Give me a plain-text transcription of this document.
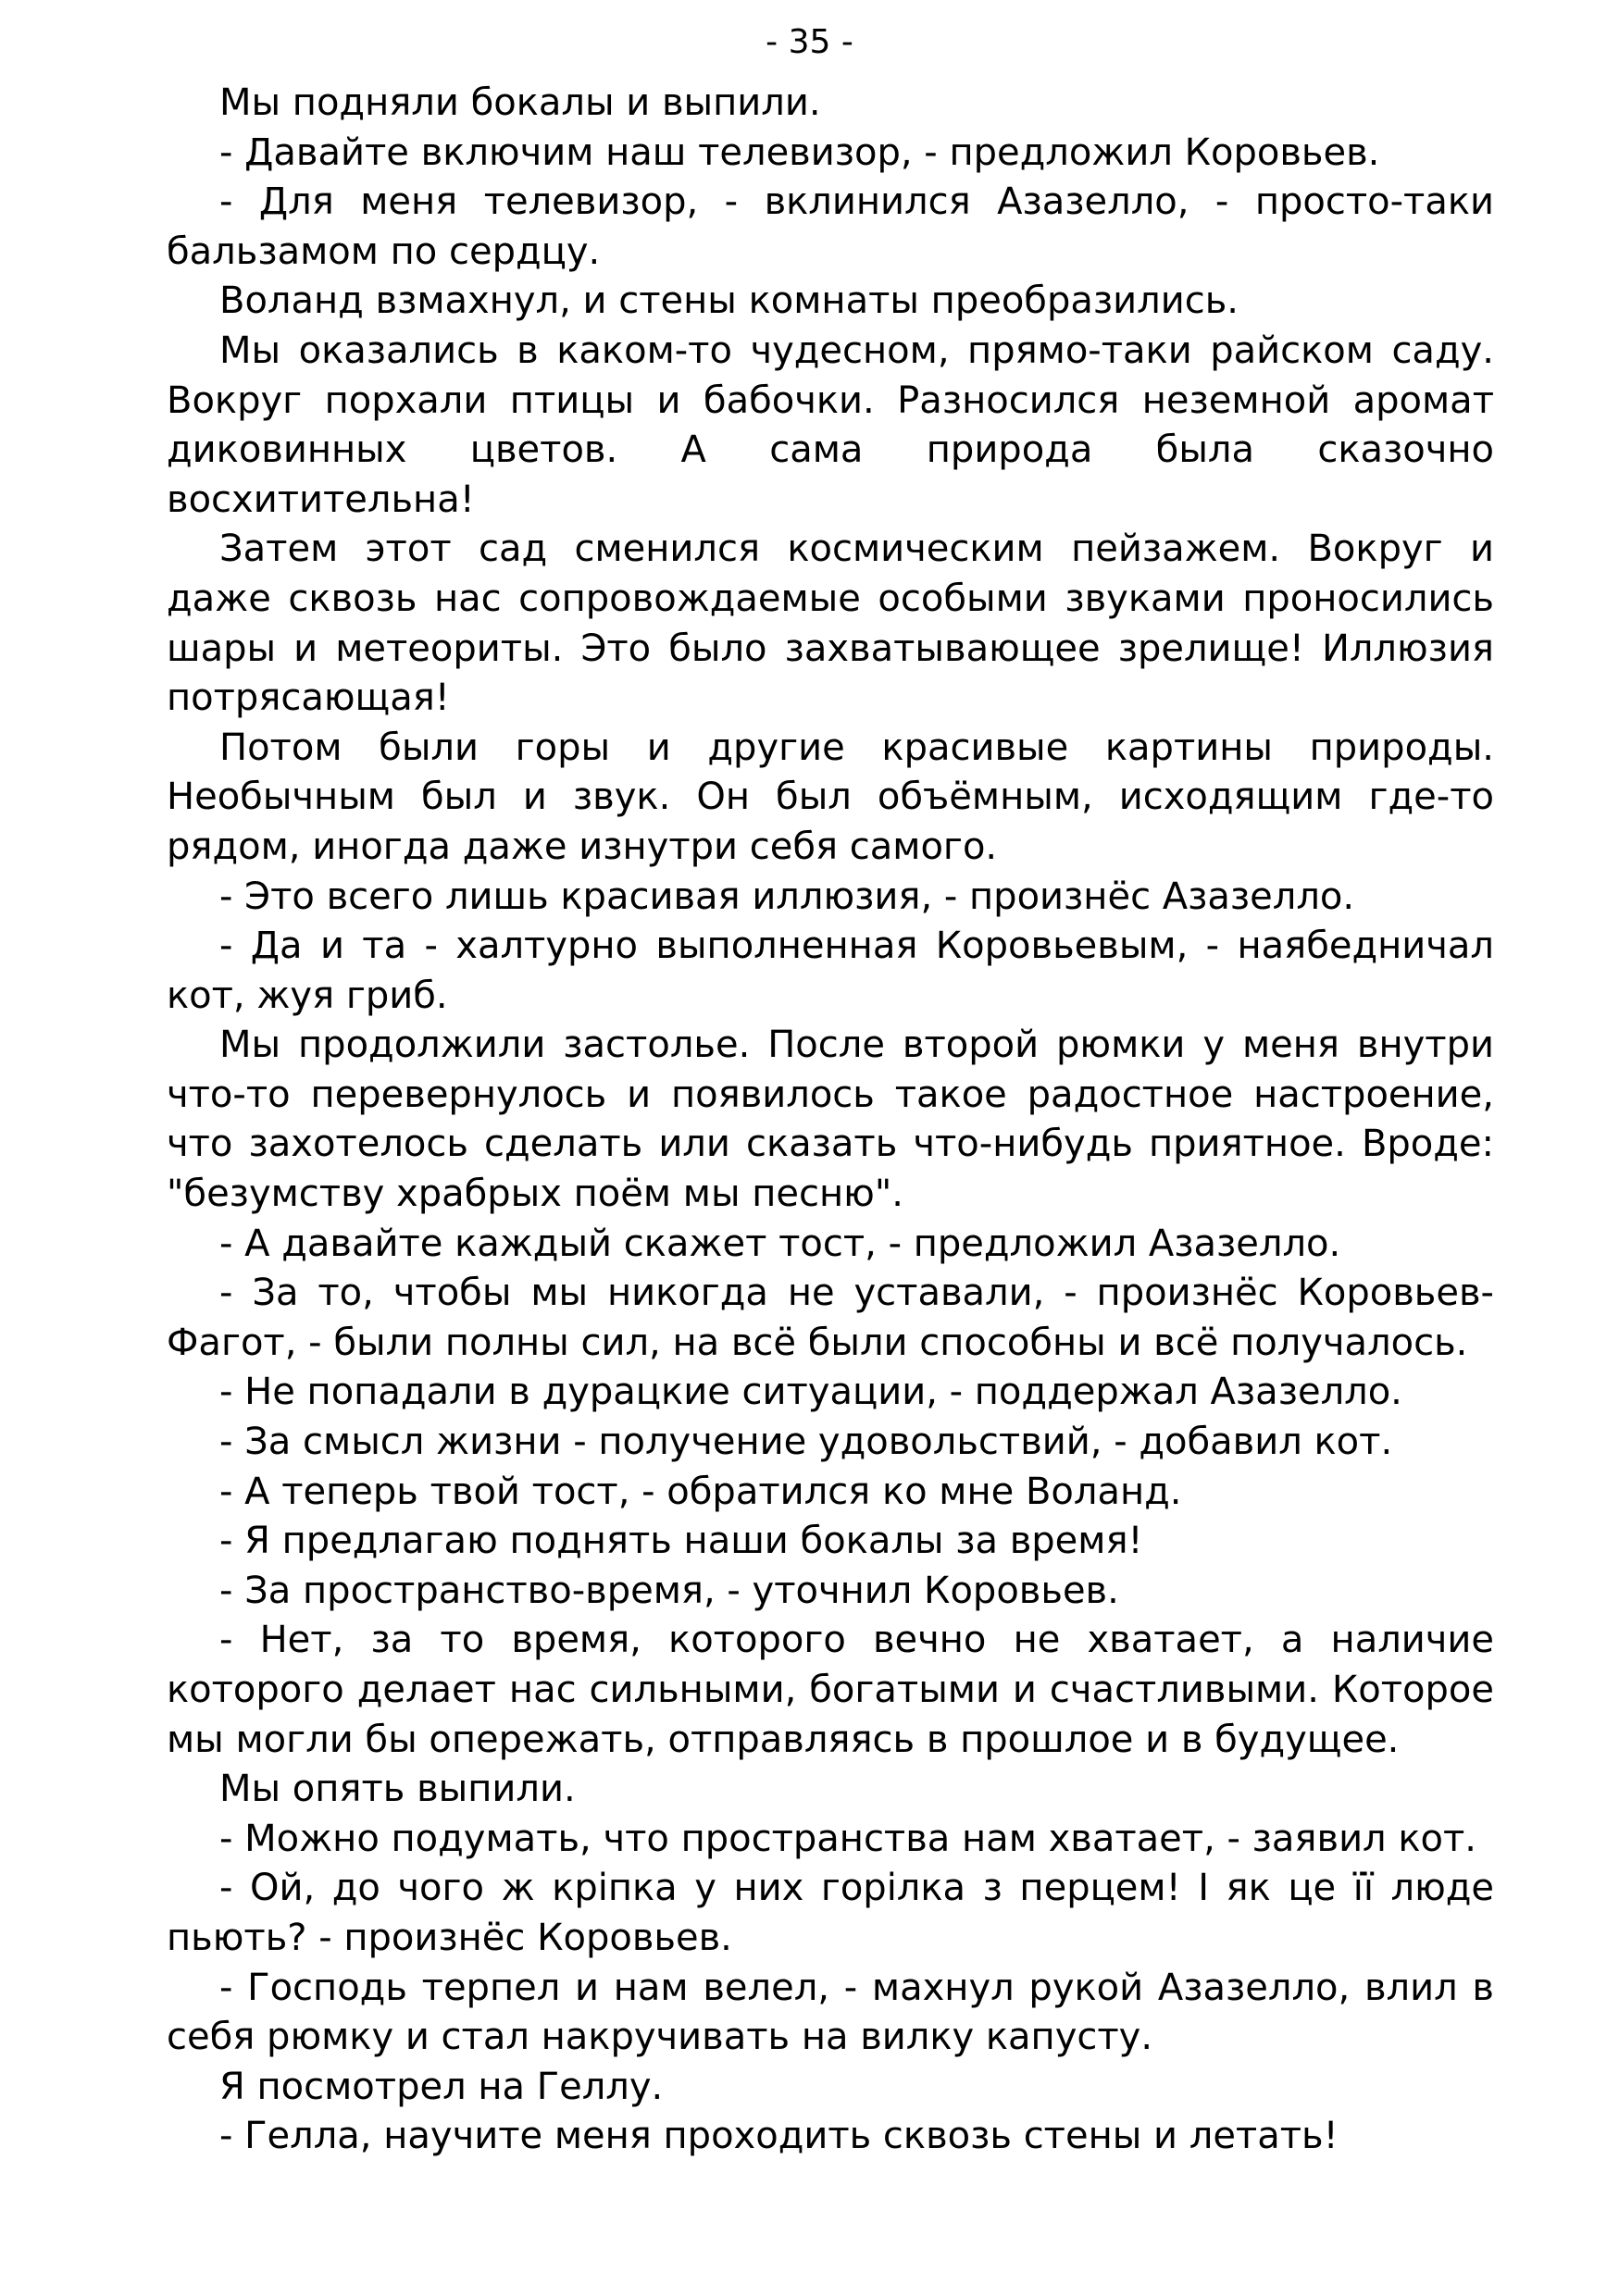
- 35 -

Мы подняли бокалы и выпили.

- Давайте включим наш телевизор, - предложил Коровьев.

- Для меня телевизор, - вклинился Азазелло, - просто-таки бальзамом по сердцу.

Воланд взмахнул, и стены комнаты преобразились.

Мы оказались в каком-то чудесном, прямо-таки райском саду. Вокруг порхали птицы и бабочки. Разносился неземной аромат диковинных цветов. А сама природа была сказочно восхитительна!

Затем этот сад сменился космическим пейзажем. Вокруг и даже сквозь нас сопровождаемые особыми звуками проносились шары и метеориты. Это было захватывающее зрелище! Иллюзия потрясающая!

Потом были горы и другие красивые картины природы. Необычным был и звук. Он был объёмным, исходящим где-то рядом, иногда даже изнутри себя самого.

- Это всего лишь красивая иллюзия, - произнёс Азазелло.

- Да и та - халтурно выполненная Коровьевым, - наябедничал кот, жуя гриб.

Мы продолжили застолье. После второй рюмки у меня внутри что-то перевернулось и появилось такое радостное настроение, что захотелось сделать или сказать что-нибудь приятное. Вроде: "безумству храбрых поём мы песню".

- А давайте каждый скажет тост, - предложил Азазелло.

- За то, чтобы мы никогда не уставали, - произнёс Коровьев-Фагот, - были полны сил, на всё были способны и всё получалось.

- Не попадали в дурацкие ситуации, - поддержал Азазелло.

- За смысл жизни - получение удовольствий, - добавил кот.

- А теперь твой тост, - обратился ко мне Воланд.

- Я предлагаю поднять наши бокалы за время!

- За пространство-время, - уточнил Коровьев.

- Нет, за то время, которого вечно не хватает, а наличие которого делает нас сильными, богатыми и счастливыми. Которое мы могли бы опережать, отправляясь в прошлое и в будущее.

Мы опять выпили.

- Можно подумать, что пространства нам хватает, - заявил кот.

- Ой, до чого ж кріпка у них горілка з перцем! І як це її люде пьють? - произнёс Коровьев.

- Господь терпел и нам велел, - махнул рукой Азазелло, влил в себя рюмку и стал накручивать на вилку капусту.

Я посмотрел на Геллу.

- Гелла, научите меня проходить сквозь стены и летать!
